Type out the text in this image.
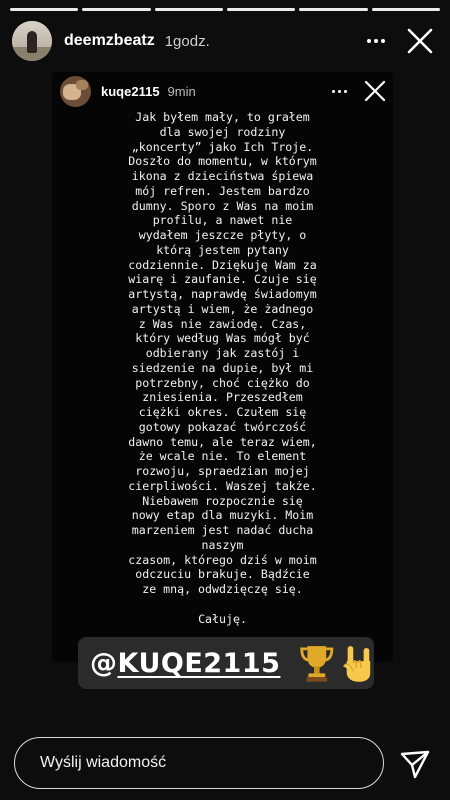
deemzbeatz 1godz.
kuqe2115 9min
Jak byłem mały, to grałem
dla swojej rodziny
„koncerty” jako Ich Troje.
Doszło do momentu, w którym
ikona z dzieciństwa śpiewa
mój refren. Jestem bardzo
dumny. Sporo z Was na moim
profilu, a nawet nie
wydałem jeszcze płyty, o
którą jestem pytany
codziennie. Dziękuję Wam za
wiarę i zaufanie. Czuje się
artystą, naprawdę świadomym
artystą i wiem, że żadnego
z Was nie zawiodę. Czas,
który według Was mógł być
odbierany jak zastój i
siedzenie na dupie, był mi
potrzebny, choć ciężko do
zniesienia. Przeszedłem
ciężki okres. Czułem się
gotowy pokazać twórczość
dawno temu, ale teraz wiem,
że wcale nie. To element
rozwoju, spraedzian mojej
cierpliwości. Waszej także.
Niebawem rozpocznie się
nowy etap dla muzyki. Moim
marzeniem jest nadać ducha
naszym
czasom, którego dziś w moim
odczuciu brakuje. Bądźcie
ze mną, odwdzięczę się.
Całuję.
@KUQE2115
Wyślij wiadomość
